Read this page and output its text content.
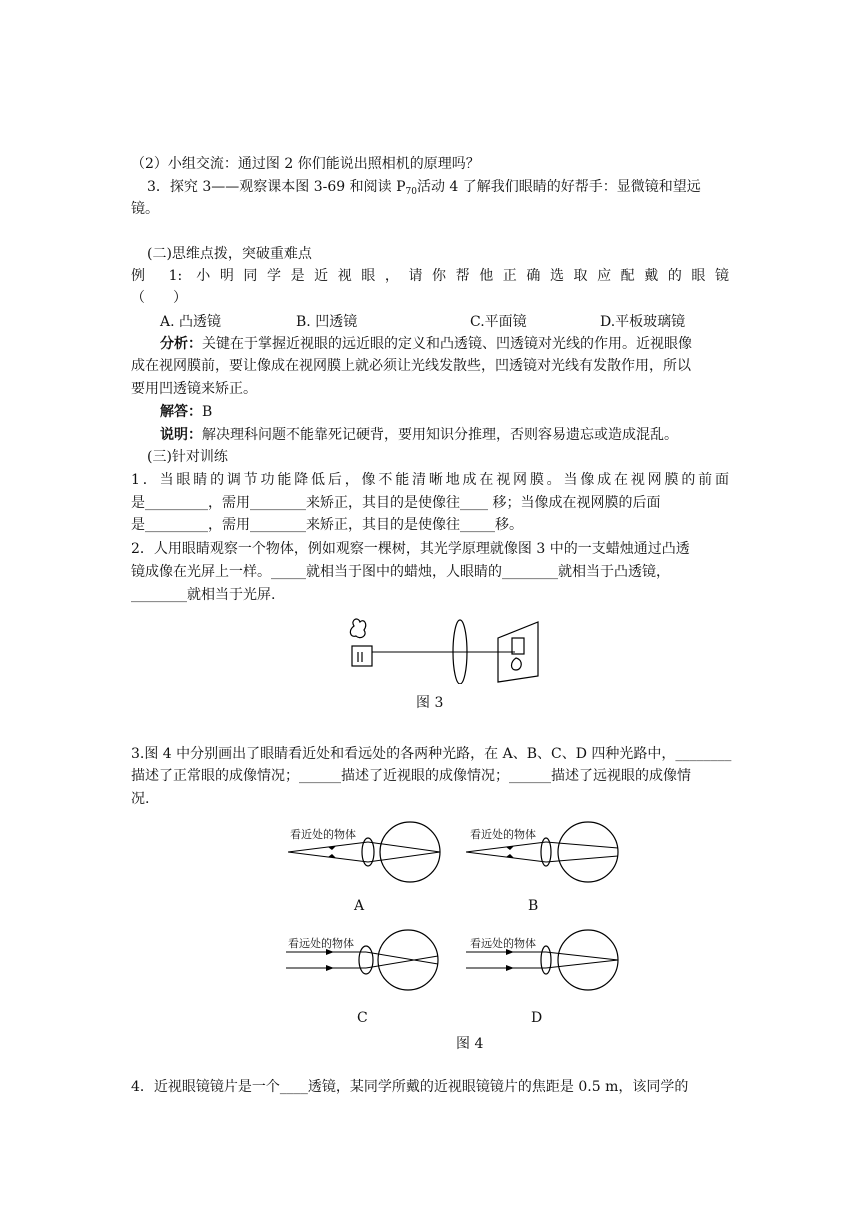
（2）小组交流：通过图 2 你们能说出照相机的原理吗？
3．探究 3——观察课本图 3-69 和阅读 $P_{70}$活动 4 了解我们眼睛的好帮手：显微镜和望远
镜。
(二)思维点拨，突破重难点
例 1: 小明同学是近视眼，请你帮他正确选取应配戴的眼镜
（　　）
A. 凸透镜	B. 凹透镜	C.平面镜	D.平板玻璃镜
分析：关键在于掌握近视眼的远近眼的定义和凸透镜、凹透镜对光线的作用。近视眼像
成在视网膜前，要让像成在视网膜上就必须让光线发散些，凹透镜对光线有发散作用，所以
要用凹透镜来矫正。
解答：B
说明：解决理科问题不能靠死记硬背，要用知识分推理，否则容易遗忘或造成混乱。
(三)针对训练
1．当眼睛的调节功能降低后，像不能清晰地成在视网膜。当像成在视网膜的前面
是_________，需用________来矫正，其目的是使像往____ 移；当像成在视网膜的后面
是_________，需用________来矫正，其目的是使像往_____移。
2．人用眼睛观察一个物体，例如观察一棵树，其光学原理就像图 3 中的一支蜡烛通过凸透
镜成像在光屏上一样。_____就相当于图中的蜡烛，人眼睛的________就相当于凸透镜，
________就相当于光屏.
图 3
3.图 4 中分别画出了眼睛看近处和看远处的各两种光路，在 A、B、C、D 四种光路中，________
描述了正常眼的成像情况；______描述了近视眼的成像情况；______描述了远视眼的成像情
况.
看近处的物体
A
看近处的物体
B
看远处的物体
C
看远处的物体
D
图 4
4．近视眼镜镜片是一个____透镜，某同学所戴的近视眼镜镜片的焦距是 0.5 m，该同学的
